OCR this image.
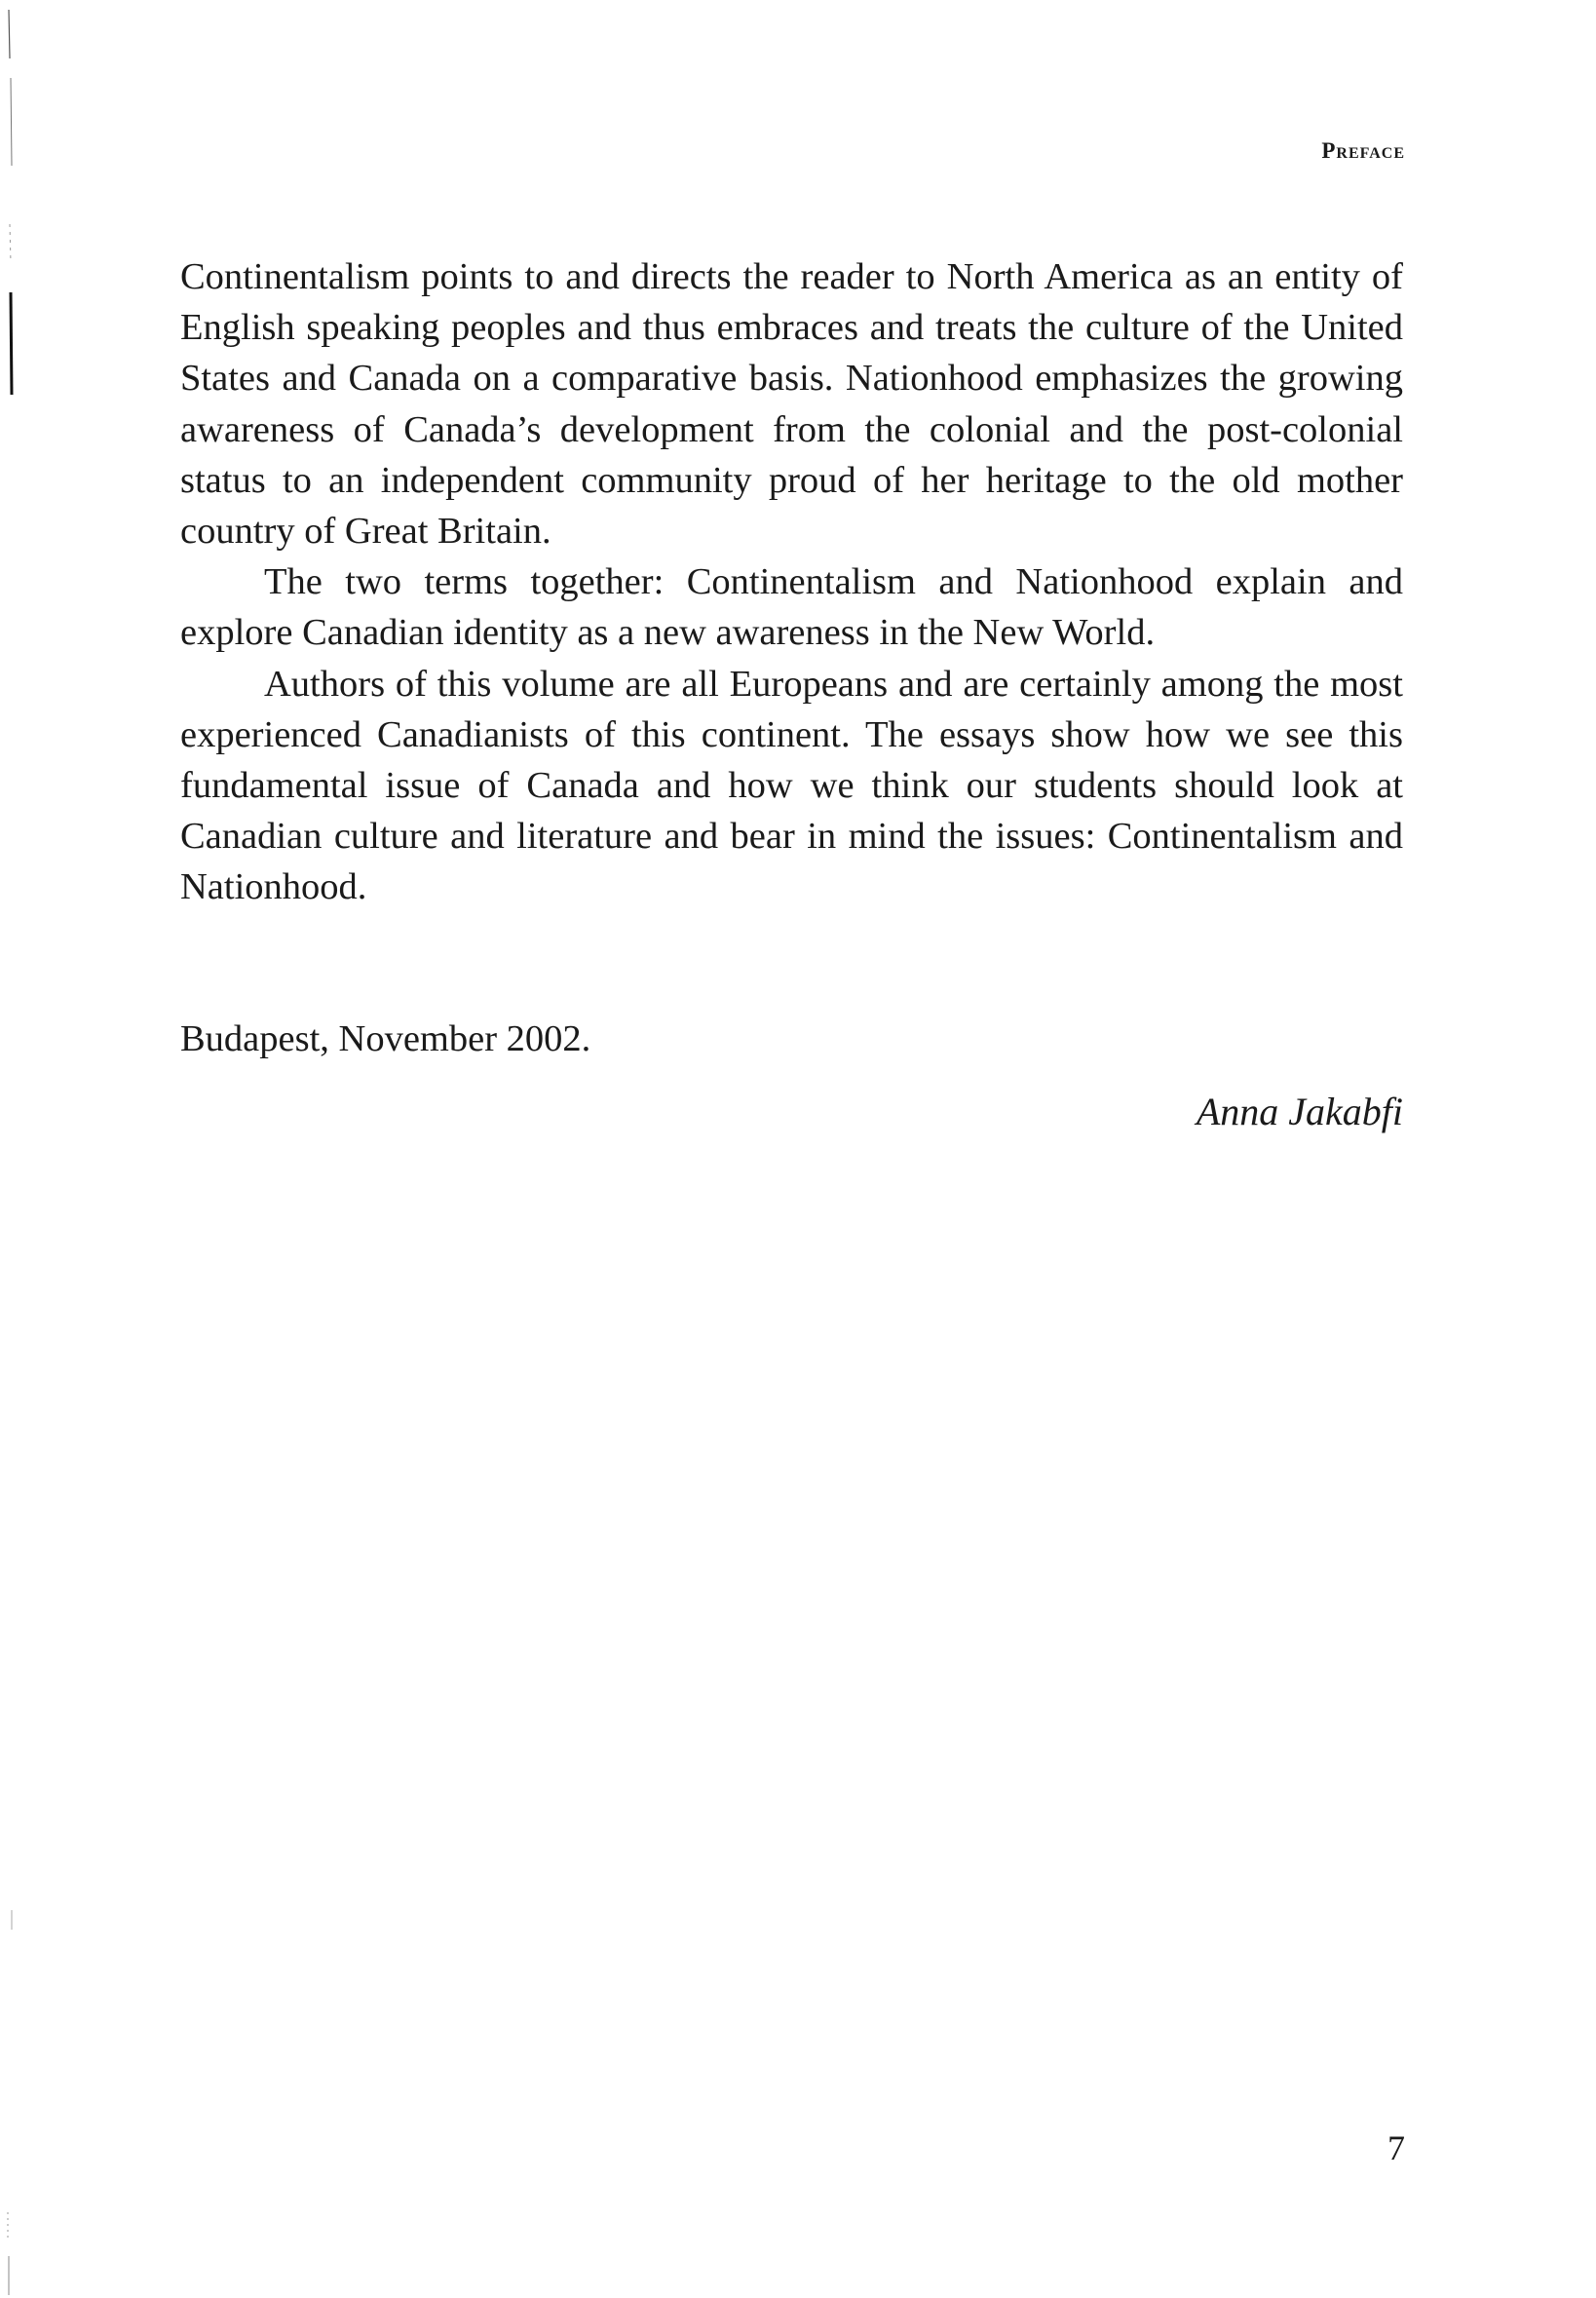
Preface

Continentalism points to and directs the reader to North America as an entity of English speaking peoples and thus embraces and treats the culture of the United States and Canada on a comparative basis. Nationhood emphasizes the growing awareness of Canada’s development from the colonial and the post-colonial status to an independent community proud of her heritage to the old mother country of Great Britain.

The two terms together: Continentalism and Nationhood explain and explore Canadian identity as a new awareness in the New World.

Authors of this volume are all Europeans and are certainly among the most experienced Canadianists of this continent. The essays show how we see this fundamental issue of Canada and how we think our students should look at Canadian culture and literature and bear in mind the issues: Continentalism and Nationhood.

Budapest, November 2002.

Anna Jakabfi

7
